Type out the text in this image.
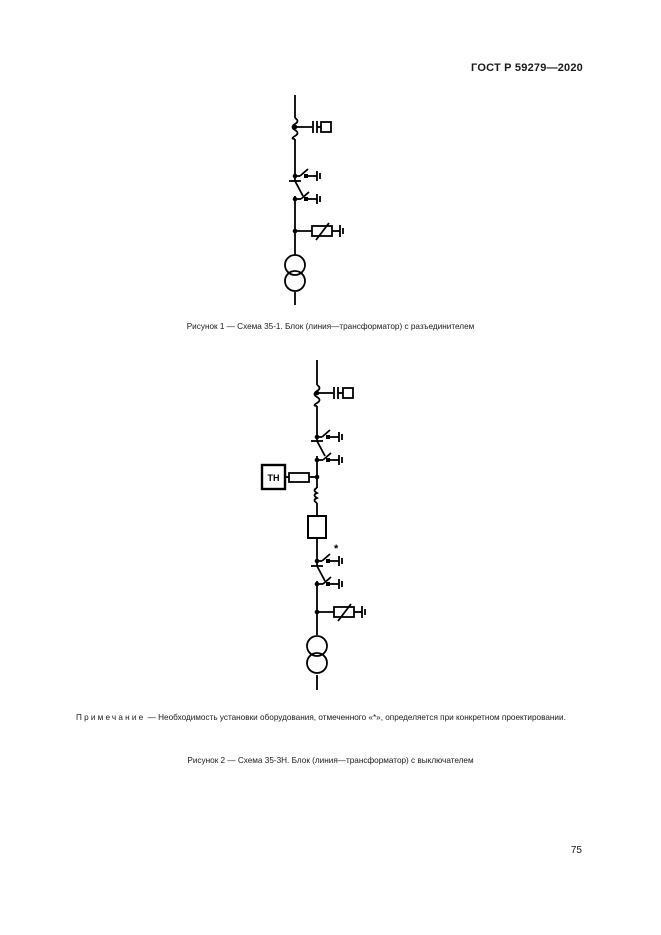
ГОСТ Р 59279—2020
Рисунок 1 — Схема 35-1. Блок (линия—трансформатор) с разъединителем
ТН
*
Примечание — Необходимость установки оборудования, отмеченного «*», определяется при конкретном проектировании.
Рисунок 2 — Схема 35-3Н. Блок (линия—трансформатор) с выключателем
75
